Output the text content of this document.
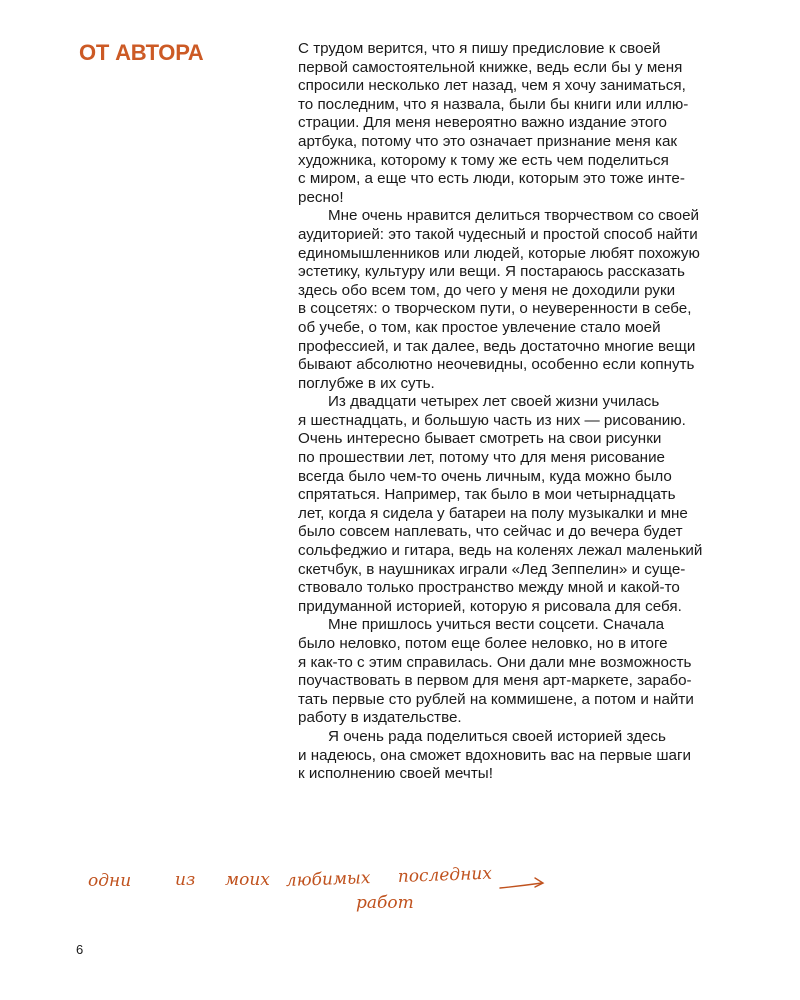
ОТ АВТОРА	С трудом верится, что я пишу предисловие к своей
первой самостоятельной книжке, ведь если бы у меня
спросили несколько лет назад, чем я хочу заниматься,
то последним, что я назвала, были бы книги или иллю-
страции. Для меня невероятно важно издание этого
артбука, потому что это означает признание меня как
художника, которому к тому же есть чем поделиться
с миром, а еще что есть люди, которым это тоже инте-
ресно!
Мне очень нравится делиться творчеством со своей
аудиторией: это такой чудесный и простой способ найти
единомышленников или людей, которые любят похожую
эстетику, культуру или вещи. Я постараюсь рассказать
здесь обо всем том, до чего у меня не доходили руки
в соцсетях: о творческом пути, о неуверенности в себе,
об учебе, о том, как простое увлечение стало моей
профессией, и так далее, ведь достаточно многие вещи
бывают абсолютно неочевидны, особенно если копнуть
поглубже в их суть.
Из двадцати четырех лет своей жизни училась
я шестнадцать, и большую часть из них — рисованию.
Очень интересно бывает смотреть на свои рисунки
по прошествии лет, потому что для меня рисование
всегда было чем-то очень личным, куда можно было
спрятаться. Например, так было в мои четырнадцать
лет, когда я сидела у батареи на полу музыкалки и мне
было совсем наплевать, что сейчас и до вечера будет
сольфеджио и гитара, ведь на коленях лежал маленький
скетчбук, в наушниках играли «Лед Зеппелин» и суще-
ствовало только пространство между мной и какой-то
придуманной историей, которую я рисовала для себя.
Мне пришлось учиться вести соцсети. Сначала
было неловко, потом еще более неловко, но в итоге
я как-то с этим справилась. Они дали мне возможность
поучаствовать в первом для меня арт-маркете, зарабо-
тать первые сто рублей на коммишене, а потом и найти
работу в издательстве.
Я очень рада поделиться своей историей здесь
и надеюсь, она сможет вдохновить вас на первые шаги
к исполнению своей мечты!
одни	из моих любимых последних
работ
6
